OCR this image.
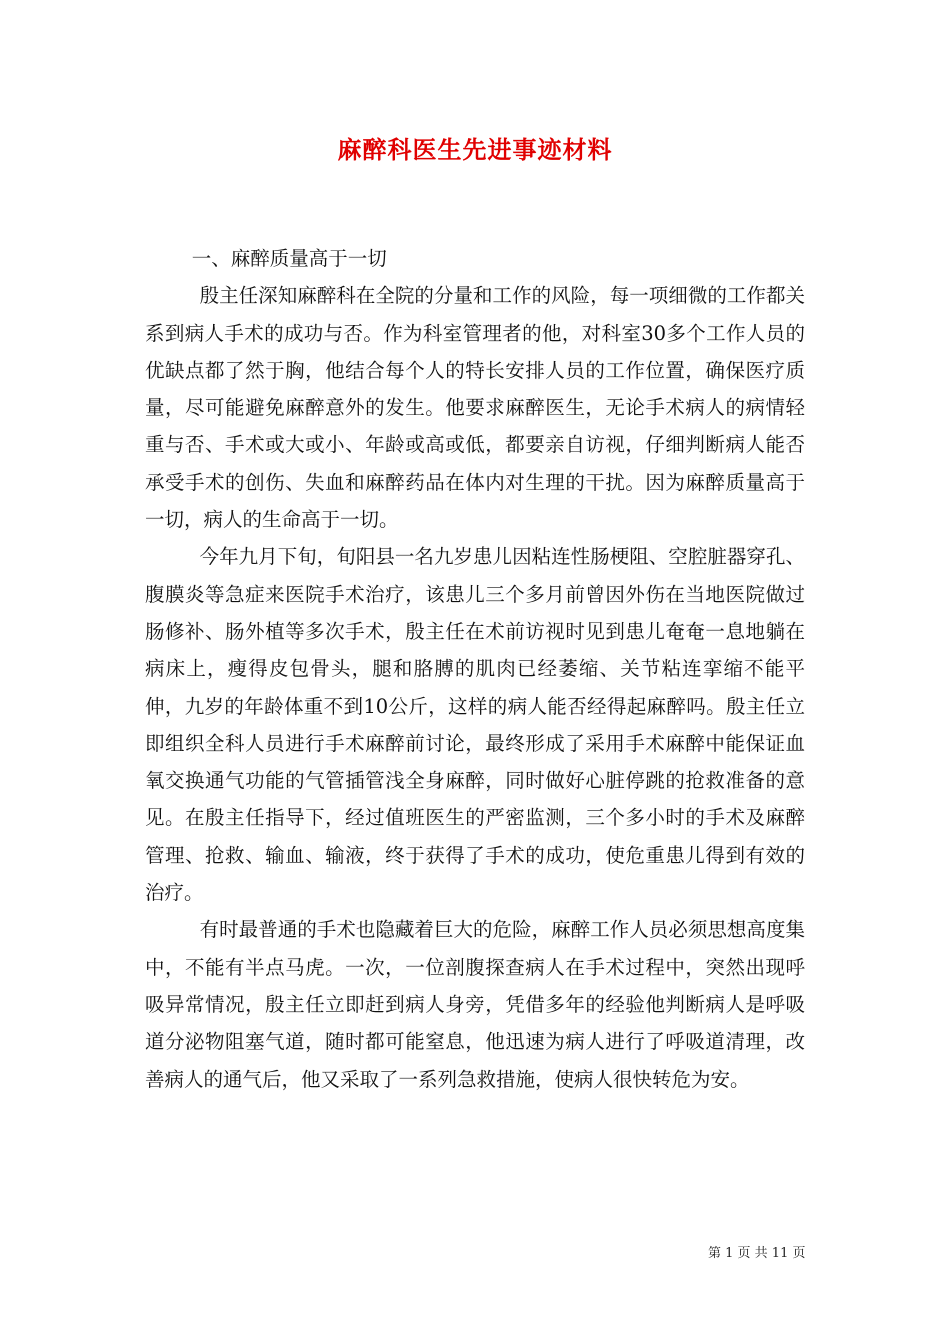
麻醉科医生先进事迹材料

一、麻醉质量高于一切

殷主任深知麻醉科在全院的分量和工作的风险，每一项细微的工作都关系到病人手术的成功与否。作为科室管理者的他，对科室30多个工作人员的优缺点都了然于胸，他结合每个人的特长安排人员的工作位置，确保医疗质量，尽可能避免麻醉意外的发生。他要求麻醉医生，无论手术病人的病情轻重与否、手术或大或小、年龄或高或低，都要亲自访视，仔细判断病人能否承受手术的创伤、失血和麻醉药品在体内对生理的干扰。因为麻醉质量高于一切，病人的生命高于一切。

今年九月下旬，旬阳县一名九岁患儿因粘连性肠梗阻、空腔脏器穿孔、腹膜炎等急症来医院手术治疗，该患儿三个多月前曾因外伤在当地医院做过肠修补、肠外植等多次手术，殷主任在术前访视时见到患儿奄奄一息地躺在病床上，瘦得皮包骨头，腿和胳膊的肌肉已经萎缩、关节粘连挛缩不能平伸，九岁的年龄体重不到10公斤，这样的病人能否经得起麻醉吗。殷主任立即组织全科人员进行手术麻醉前讨论，最终形成了采用手术麻醉中能保证血氧交换通气功能的气管插管浅全身麻醉，同时做好心脏停跳的抢救准备的意见。在殷主任指导下，经过值班医生的严密监测，三个多小时的手术及麻醉管理、抢救、输血、输液，终于获得了手术的成功，使危重患儿得到有效的治疗。

有时最普通的手术也隐藏着巨大的危险，麻醉工作人员必须思想高度集中，不能有半点马虎。一次，一位剖腹探查病人在手术过程中，突然出现呼吸异常情况，殷主任立即赶到病人身旁，凭借多年的经验他判断病人是呼吸道分泌物阻塞气道，随时都可能窒息，他迅速为病人进行了呼吸道清理，改善病人的通气后，他又采取了一系列急救措施，使病人很快转危为安。

第 1 页 共 11 页
